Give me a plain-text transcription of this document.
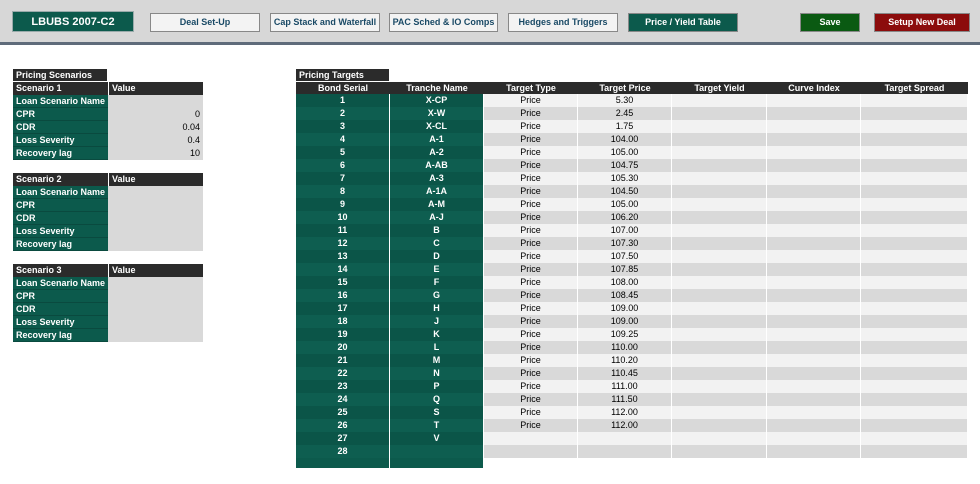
LBUBS 2007-C2	Deal Set-Up	Cap Stack and Waterfall	PAC Sched & IO Comps	Hedges and Triggers	Price / Yield Table	Save	Setup New Deal
Pricing Scenarios
Scenario 1	Value
Loan Scenario Name
CPR	0
CDR	0.04
Loss Severity	0.4
Recovery lag	10
Scenario 2	Value
Loan Scenario Name
CPR
CDR
Loss Severity
Recovery lag
Scenario 3	Value
Loan Scenario Name
CPR
CDR
Loss Severity
Recovery lag
Pricing Targets
Bond Serial	Tranche Name	Target Type	Target Price	Target Yield	Curve Index	Target Spread
1	X-CP	Price	5.30
2	X-W	Price	2.45
3	X-CL	Price	1.75
4	A-1	Price	104.00
5	A-2	Price	105.00
6	A-AB	Price	104.75
7	A-3	Price	105.30
8	A-1A	Price	104.50
9	A-M	Price	105.00
10	A-J	Price	106.20
11	B	Price	107.00
12	C	Price	107.30
13	D	Price	107.50
14	E	Price	107.85
15	F	Price	108.00
16	G	Price	108.45
17	H	Price	109.00
18	J	Price	109.00
19	K	Price	109.25
20	L	Price	110.00
21	M	Price	110.20
22	N	Price	110.45
23	P	Price	111.00
24	Q	Price	111.50
25	S	Price	112.00
26	T	Price	112.00
27	V
28
